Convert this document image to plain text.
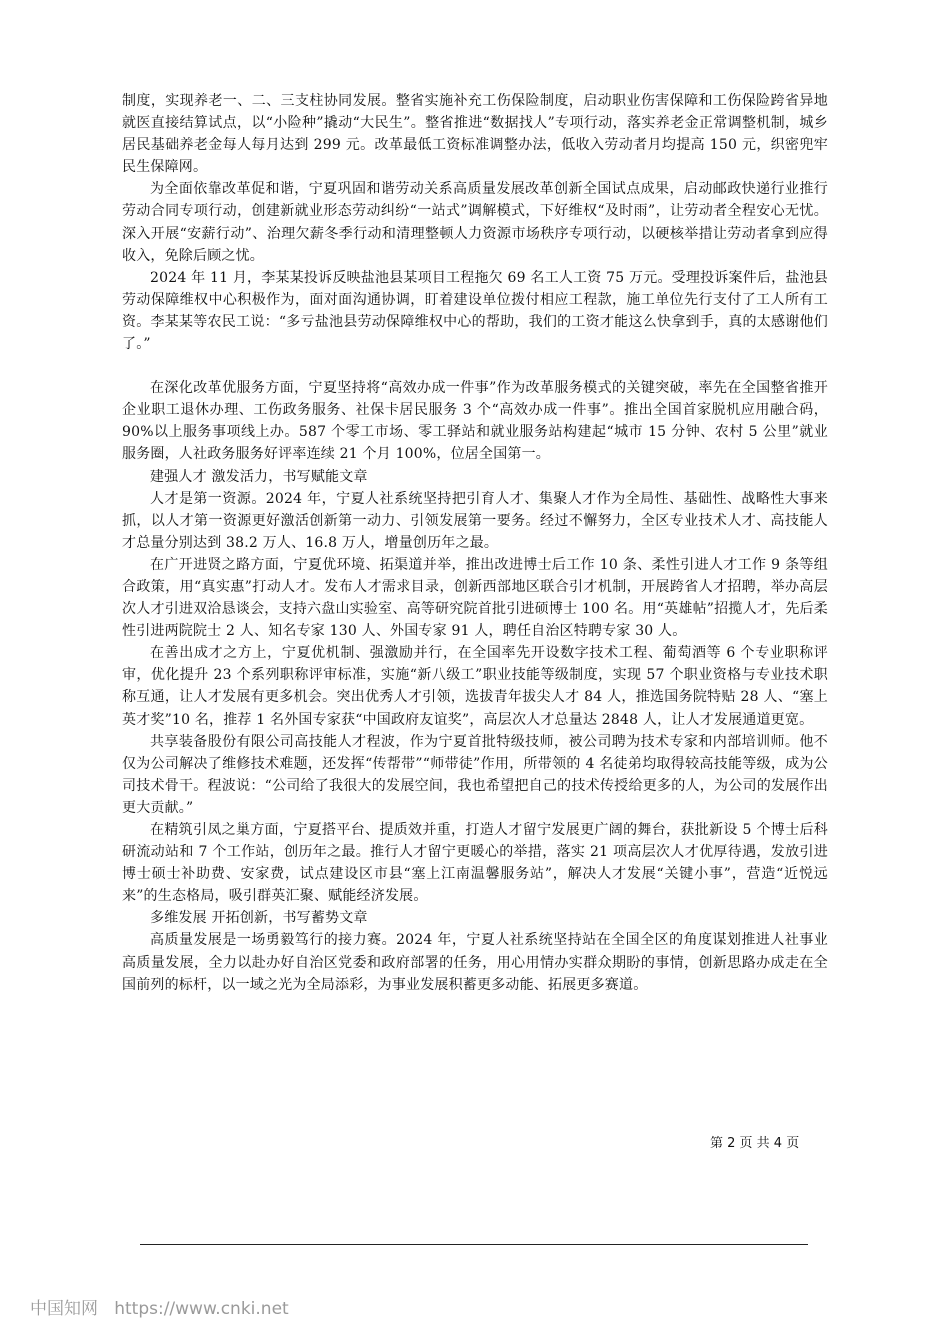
制度，实现养老一、二、三支柱协同发展。整省实施补充工伤保险制度，启动职业伤害保障和工伤保险跨省异地就医直接结算试点，以“小险种”撬动“大民生”。整省推进“数据找人”专项行动，落实养老金正常调整机制，城乡居民基础养老金每人每月达到 299 元。改革最低工资标准调整办法，低收入劳动者月均提高 150 元，织密兜牢民生保障网。

为全面依靠改革促和谐，宁夏巩固和谐劳动关系高质量发展改革创新全国试点成果，启动邮政快递行业推行劳动合同专项行动，创建新就业形态劳动纠纷“一站式”调解模式，下好维权“及时雨”，让劳动者全程安心无忧。深入开展“安薪行动”、治理欠薪冬季行动和清理整顿人力资源市场秩序专项行动，以硬核举措让劳动者拿到应得收入，免除后顾之忧。

2024 年 11 月，李某某投诉反映盐池县某项目工程拖欠 69 名工人工资 75 万元。受理投诉案件后，盐池县劳动保障维权中心积极作为，面对面沟通协调，盯着建设单位拨付相应工程款，施工单位先行支付了工人所有工资。李某某等农民工说：“多亏盐池县劳动保障维权中心的帮助，我们的工资才能这么快拿到手，真的太感谢他们了。”

在深化改革优服务方面，宁夏坚持将“高效办成一件事”作为改革服务模式的关键突破，率先在全国整省推开企业职工退休办理、工伤政务服务、社保卡居民服务 3 个“高效办成一件事”。推出全国首家脱机应用融合码，90%以上服务事项线上办。587 个零工市场、零工驿站和就业服务站构建起“城市 15 分钟、农村 5 公里”就业服务圈，人社政务服务好评率连续 21 个月 100%，位居全国第一。

建强人才 激发活力，书写赋能文章

人才是第一资源。2024 年，宁夏人社系统坚持把引育人才、集聚人才作为全局性、基础性、战略性大事来抓，以人才第一资源更好激活创新第一动力、引领发展第一要务。经过不懈努力，全区专业技术人才、高技能人才总量分别达到 38.2 万人、16.8 万人，增量创历年之最。

在广开进贤之路方面，宁夏优环境、拓渠道并举，推出改进博士后工作 10 条、柔性引进人才工作 9 条等组合政策，用“真实惠”打动人才。发布人才需求目录，创新西部地区联合引才机制，开展跨省人才招聘，举办高层次人才引进双洽恳谈会，支持六盘山实验室、高等研究院首批引进硕博士 100 名。用“英雄帖”招揽人才，先后柔性引进两院院士 2 人、知名专家 130 人、外国专家 91 人，聘任自治区特聘专家 30 人。

在善出成才之方上，宁夏优机制、强激励并行，在全国率先开设数字技术工程、葡萄酒等 6 个专业职称评审，优化提升 23 个系列职称评审标准，实施“新八级工”职业技能等级制度，实现 57 个职业资格与专业技术职称互通，让人才发展有更多机会。突出优秀人才引领，选拔青年拔尖人才 84 人，推选国务院特贴 28 人、“塞上英才奖”10 名，推荐 1 名外国专家获“中国政府友谊奖”，高层次人才总量达 2848 人，让人才发展通道更宽。

共享装备股份有限公司高技能人才程波，作为宁夏首批特级技师，被公司聘为技术专家和内部培训师。他不仅为公司解决了维修技术难题，还发挥“传帮带”“师带徒”作用，所带领的 4 名徒弟均取得较高技能等级，成为公司技术骨干。程波说：“公司给了我很大的发展空间，我也希望把自己的技术传授给更多的人，为公司的发展作出更大贡献。”

在精筑引凤之巢方面，宁夏搭平台、提质效并重，打造人才留宁发展更广阔的舞台，获批新设 5 个博士后科研流动站和 7 个工作站，创历年之最。推行人才留宁更暖心的举措，落实 21 项高层次人才优厚待遇，发放引进博士硕士补助费、安家费，试点建设区市县“塞上江南温馨服务站”，解决人才发展“关键小事”，营造“近悦远来”的生态格局，吸引群英汇聚、赋能经济发展。

多维发展 开拓创新，书写蓄势文章

高质量发展是一场勇毅笃行的接力赛。2024 年，宁夏人社系统坚持站在全国全区的角度谋划推进人社事业高质量发展，全力以赴办好自治区党委和政府部署的任务，用心用情办实群众期盼的事情，创新思路办成走在全国前列的标杆，以一域之光为全局添彩，为事业发展积蓄更多动能、拓展更多赛道。

第 2 页 共 4 页
中国知网   https://www.cnki.net
